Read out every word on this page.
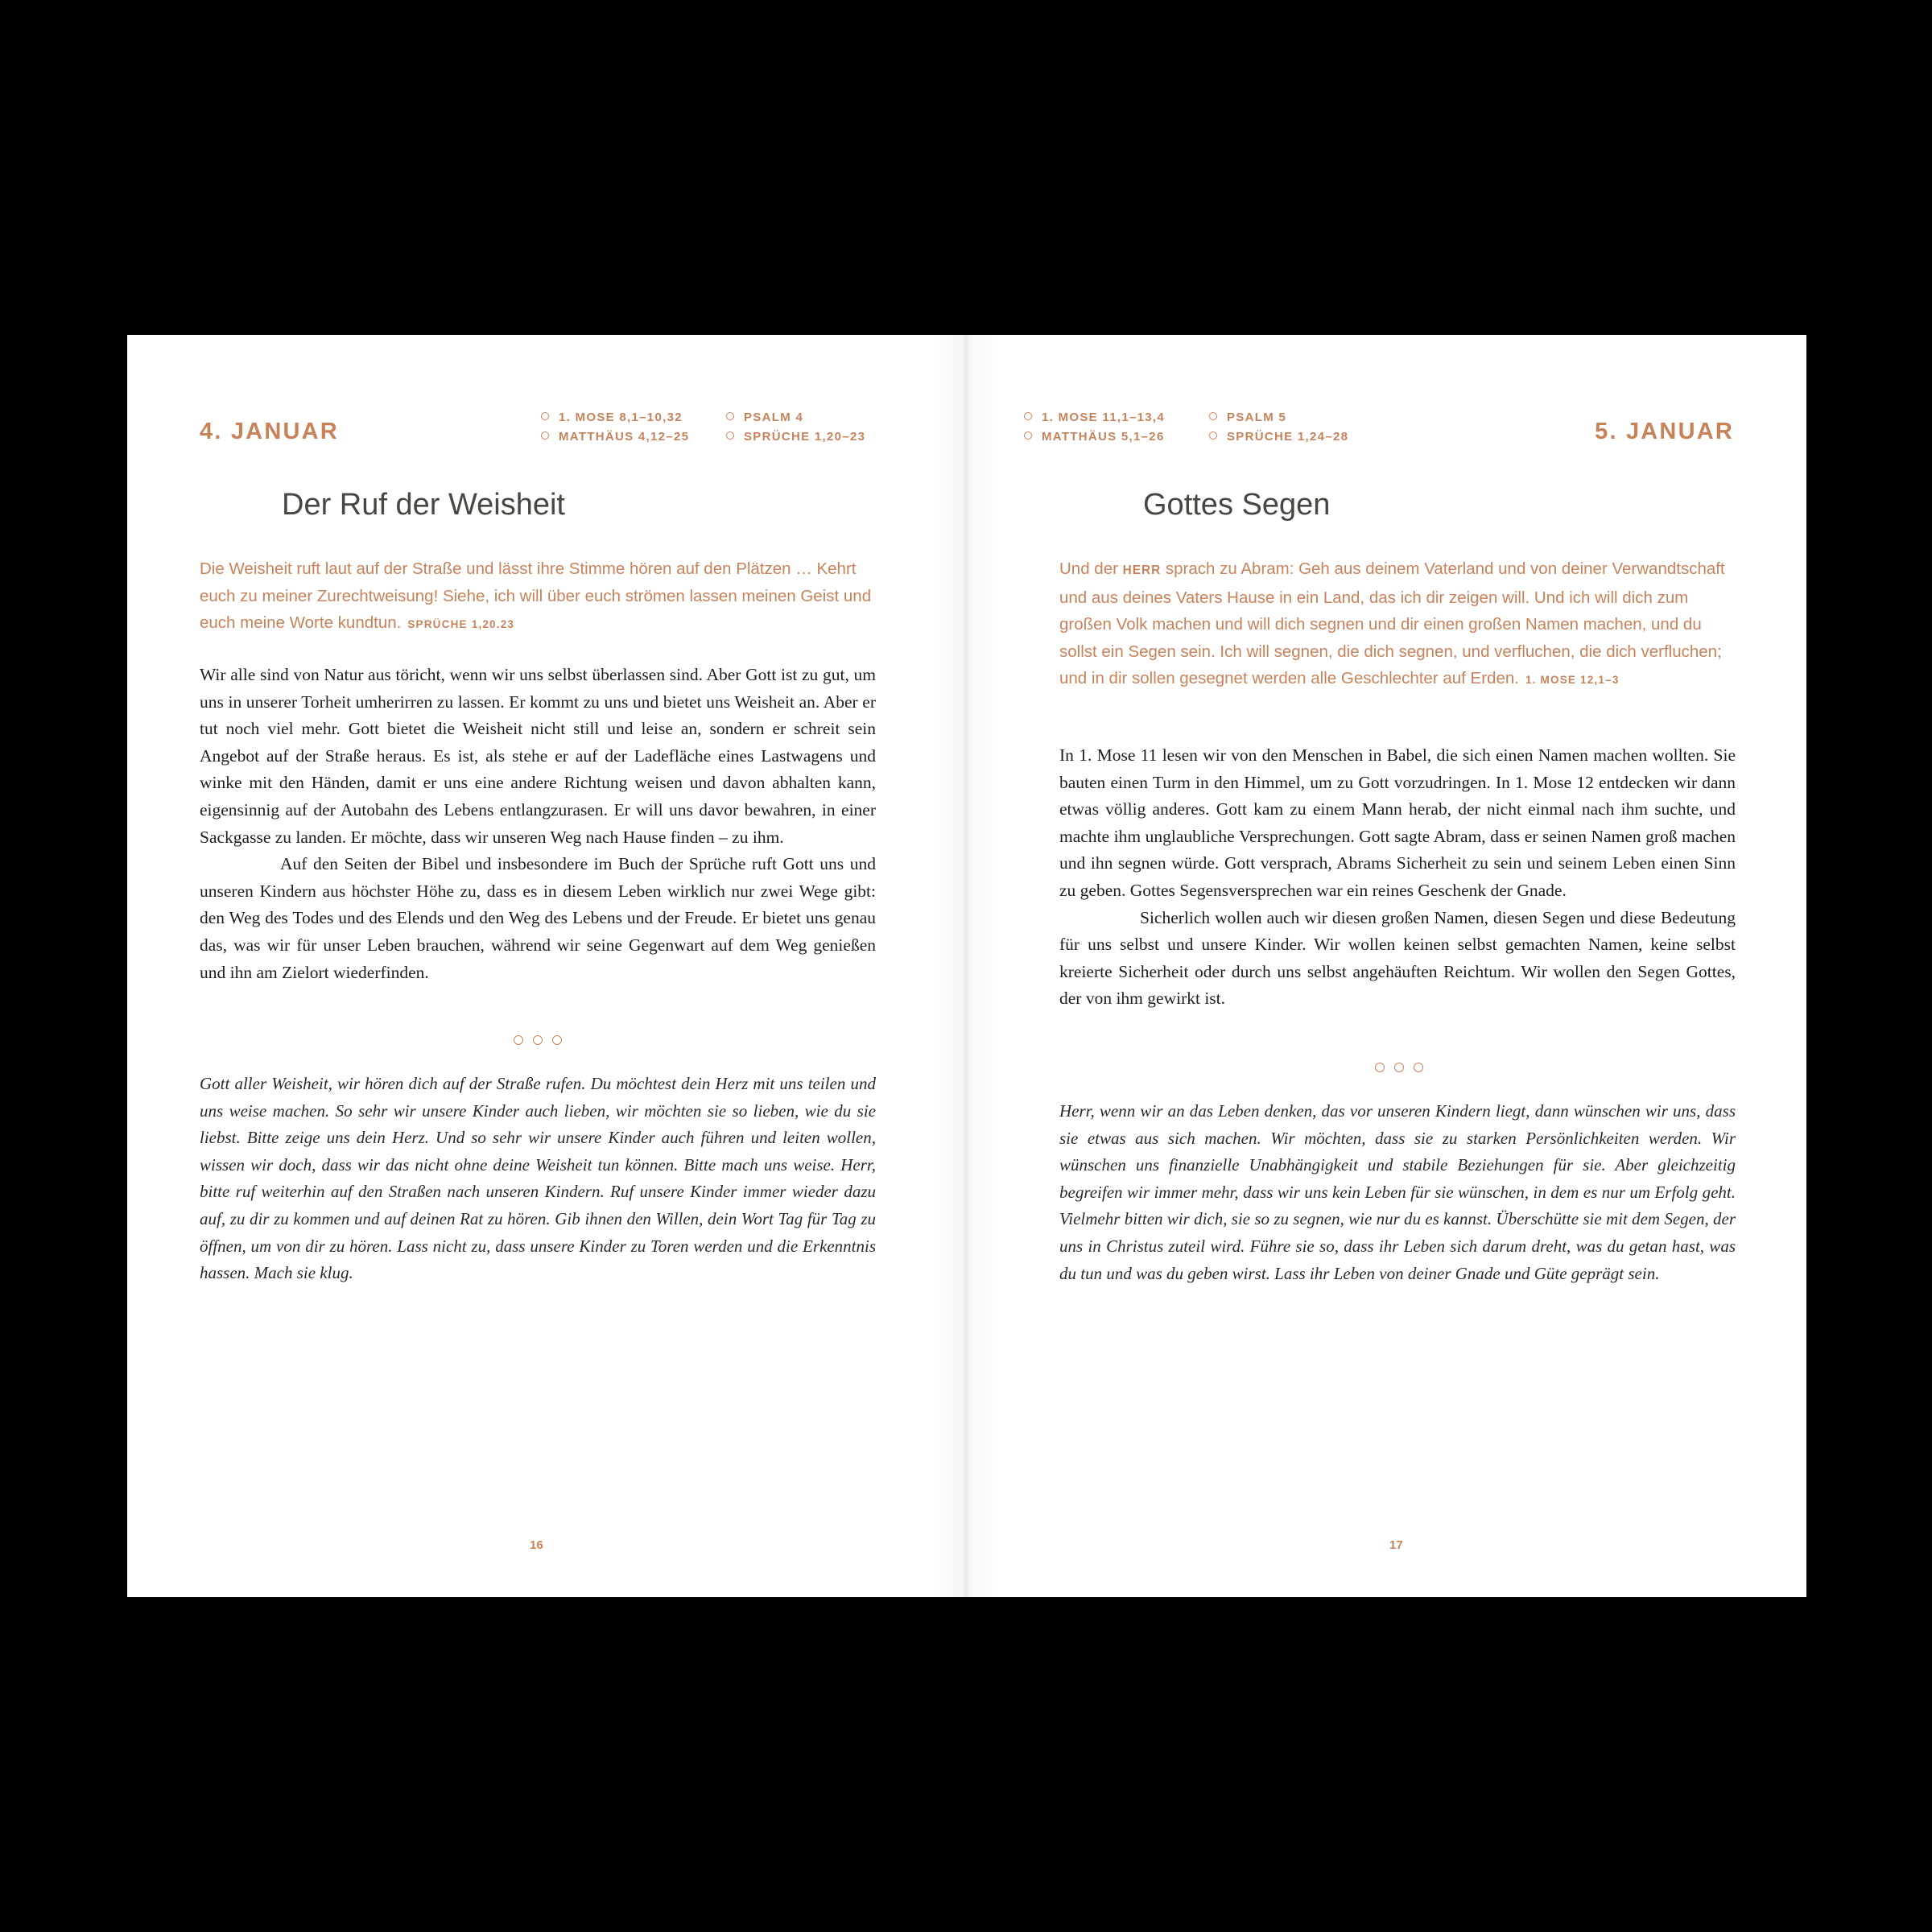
4. JANUAR
1. MOSE 8,1–10,32	PSALM 4
MATTHÄUS 4,12–25	SPRÜCHE 1,20–23
Der Ruf der Weisheit
Die Weisheit ruft laut auf der Straße und lässt ihre Stimme hören auf den Plätzen … Kehrt euch zu meiner Zurechtweisung! Siehe, ich will über euch strömen lassen meinen Geist und euch meine Worte kundtun. SPRÜCHE 1,20.23

Wir alle sind von Natur aus töricht, wenn wir uns selbst überlassen sind. Aber Gott ist zu gut, um uns in unserer Torheit umherirren zu lassen. Er kommt zu uns und bietet uns Weisheit an. Aber er tut noch viel mehr. Gott bietet die Weisheit nicht still und leise an, sondern er schreit sein Angebot auf der Straße heraus. Es ist, als stehe er auf der Ladefläche eines Lastwagens und winke mit den Händen, damit er uns eine andere Richtung weisen und davon abhalten kann, eigensinnig auf der Autobahn des Lebens entlangzurasen. Er will uns davor bewahren, in einer Sackgasse zu landen. Er möchte, dass wir unseren Weg nach Hause finden – zu ihm.

Auf den Seiten der Bibel und insbesondere im Buch der Sprüche ruft Gott uns und unseren Kindern aus höchster Höhe zu, dass es in diesem Leben wirklich nur zwei Wege gibt: den Weg des Todes und des Elends und den Weg des Lebens und der Freude. Er bietet uns genau das, was wir für unser Leben brauchen, während wir seine Gegenwart auf dem Weg genießen und ihn am Zielort wiederfinden.

Gott aller Weisheit, wir hören dich auf der Straße rufen. Du möchtest dein Herz mit uns teilen und uns weise machen. So sehr wir unsere Kinder auch lieben, wir möchten sie so lieben, wie du sie liebst. Bitte zeige uns dein Herz. Und so sehr wir unsere Kinder auch führen und leiten wollen, wissen wir doch, dass wir das nicht ohne deine Weisheit tun können. Bitte mach uns weise. Herr, bitte ruf weiterhin auf den Straßen nach unseren Kindern. Ruf unsere Kinder immer wieder dazu auf, zu dir zu kommen und auf deinen Rat zu hören. Gib ihnen den Willen, dein Wort Tag für Tag zu öffnen, um von dir zu hören. Lass nicht zu, dass unsere Kinder zu Toren werden und die Erkenntnis hassen. Mach sie klug.
16
1. MOSE 11,1–13,4	PSALM 5
MATTHÄUS 5,1–26	SPRÜCHE 1,24–28	5. JANUAR
Gottes Segen
Und der HERR sprach zu Abram: Geh aus deinem Vaterland und von deiner Verwandtschaft und aus deines Vaters Hause in ein Land, das ich dir zeigen will. Und ich will dich zum großen Volk machen und will dich segnen und dir einen großen Namen machen, und du sollst ein Segen sein. Ich will segnen, die dich segnen, und verfluchen, die dich verfluchen; und in dir sollen gesegnet werden alle Geschlechter auf Erden. 1. MOSE 12,1–3

In 1. Mose 11 lesen wir von den Menschen in Babel, die sich einen Namen machen wollten. Sie bauten einen Turm in den Himmel, um zu Gott vorzudringen. In 1. Mose 12 entdecken wir dann etwas völlig anderes. Gott kam zu einem Mann herab, der nicht einmal nach ihm suchte, und machte ihm unglaubliche Versprechungen. Gott sagte Abram, dass er seinen Namen groß machen und ihn segnen würde. Gott versprach, Abrams Sicherheit zu sein und seinem Leben einen Sinn zu geben. Gottes Segensversprechen war ein reines Geschenk der Gnade.

Sicherlich wollen auch wir diesen großen Namen, diesen Segen und diese Bedeutung für uns selbst und unsere Kinder. Wir wollen keinen selbst gemachten Namen, keine selbst kreierte Sicherheit oder durch uns selbst angehäuften Reichtum. Wir wollen den Segen Gottes, der von ihm gewirkt ist.

Herr, wenn wir an das Leben denken, das vor unseren Kindern liegt, dann wünschen wir uns, dass sie etwas aus sich machen. Wir möchten, dass sie zu starken Persönlichkeiten werden. Wir wünschen uns finanzielle Unabhängigkeit und stabile Beziehungen für sie. Aber gleichzeitig begreifen wir immer mehr, dass wir uns kein Leben für sie wünschen, in dem es nur um Erfolg geht. Vielmehr bitten wir dich, sie so zu segnen, wie nur du es kannst. Überschütte sie mit dem Segen, der uns in Christus zuteil wird. Führe sie so, dass ihr Leben sich darum dreht, was du getan hast, was du tun und was du geben wirst. Lass ihr Leben von deiner Gnade und Güte geprägt sein.
17
